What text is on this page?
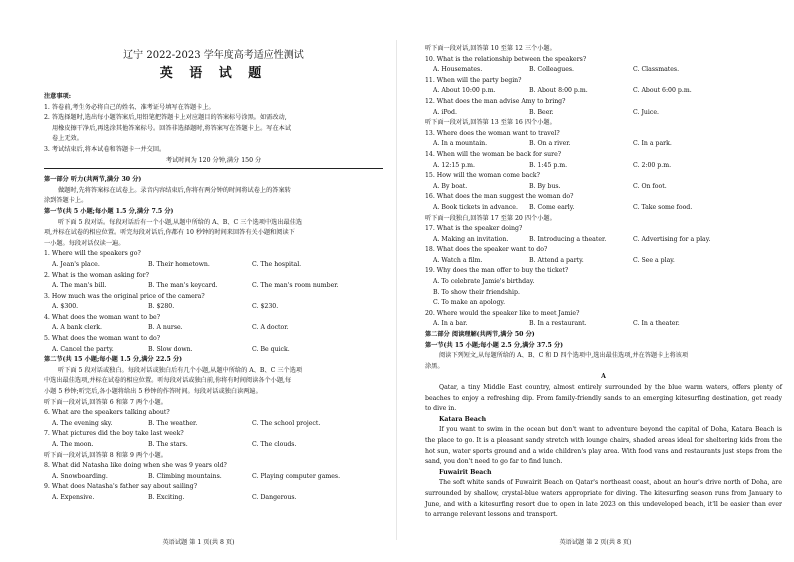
辽宁 2022-2023 学年度高考适应性测试
英 语 试 题
注意事项:
1. 答卷前,考生务必将自己的姓名、准考证号填写在答题卡上。
2. 答选择题时,选出每小题答案后,用铅笔把答题卡上对应题目的答案标号涂黑。如需改动,
用橡皮擦干净后,再选涂其他答案标号。回答非选择题时,将答案写在答题卡上。写在本试
卷上无效。
3. 考试结束后,将本试卷和答题卡一并交回。
考试时间为 120 分钟,满分 150 分
第一部分 听力(共两节,满分 30 分)
做题时,先将答案标在试卷上。录音内容结束后,你将有两分钟的时间将试卷上的答案转
涂到答题卡上。
第一节(共 5 小题;每小题 1.5 分,满分 7.5 分)
听下面 5 段对话。每段对话后有一个小题,从题中所给的 A、B、C 三个选项中选出最佳选
项,并标在试卷的相应位置。听完每段对话后,你都有 10 秒钟的时间来回答有关小题和阅读下
一小题。每段对话仅读一遍。
1. Where will the speakers go?
A. Jean's place.	B. Their hometown.	C. The hospital.
2. What is the woman asking for?
A. The man's bill.	B. The man's keycard.	C. The man's room number.
3. How much was the original price of the camera?
A. $300.	B. $280.	C. $230.
4. What does the woman want to be?
A. A bank clerk.	B. A nurse.	C. A doctor.
5. What does the woman want to do?
A. Cancel the party.	B. Slow down.	C. Be quick.
第二节(共 15 小题;每小题 1.5 分,满分 22.5 分)
听下面 5 段对话或独白。每段对话或独白后有几个小题,从题中所给的 A、B、C 三个选项
中选出最佳选项,并标在试卷的相应位置。听每段对话或独白前,你将有时间阅读各个小题,每
小题 5 秒钟;听完后,各小题将给出 5 秒钟的作答时间。每段对话或独白读两遍。
听下面一段对话,回答第 6 和第 7 两个小题。
6. What are the speakers talking about?
A. The evening sky.	B. The weather.	C. The school project.
7. What pictures did the boy take last week?
A. The moon.	B. The stars.	C. The clouds.
听下面一段对话,回答第 8 和第 9 两个小题。
8. What did Natasha like doing when she was 9 years old?
A. Snowboarding.	B. Climbing mountains.	C. Playing computer games.
9. What does Natasha's father say about sailing?
A. Expensive.	B. Exciting.	C. Dangerous.
英语试题 第 1 页(共 8 页)
听下面一段对话,回答第 10 至第 12 三个小题。
10. What is the relationship between the speakers?
A. Housemates.	B. Colleagues.	C. Classmates.
11. When will the party begin?
A. About 10:00 p.m.	B. About 8:00 p.m.	C. About 6:00 p.m.
12. What does the man advise Amy to bring?
A. iPod.	B. Beer.	C. Juice.
听下面一段对话,回答第 13 至第 16 四个小题。
13. Where does the woman want to travel?
A. In a mountain.	B. On a river.	C. In a park.
14. When will the woman be back for sure?
A. 12:15 p.m.	B. 1:45 p.m.	C. 2:00 p.m.
15. How will the woman come back?
A. By boat.	B. By bus.	C. On foot.
16. What does the man suggest the woman do?
A. Book tickets in advance.	B. Come early.	C. Take some food.
听下面一段独白,回答第 17 至第 20 四个小题。
17. What is the speaker doing?
A. Making an invitation.	B. Introducing a theater.	C. Advertising for a play.
18. What does the speaker want to do?
A. Watch a film.	B. Attend a party.	C. See a play.
19. Why does the man offer to buy the ticket?
A. To celebrate Jamie's birthday.
B. To show their friendship.
C. To make an apology.
20. Where would the speaker like to meet Jamie?
A. In a bar.	B. In a restaurant.	C. In a theater.
第二部分 阅读理解(共两节,满分 50 分)
第一节(共 15 小题;每小题 2.5 分,满分 37.5 分)
阅读下列短文,从每题所给的 A、B、C 和 D 四个选项中,选出最佳选项,并在答题卡上将该项
涂黑。
A
Qatar, a tiny Middle East country, almost entirely surrounded by the blue warm waters, offers plenty of beaches to enjoy a refreshing dip. From family-friendly sands to an emerging kitesurfing destination, get ready to dive in.
Katara Beach
If you want to swim in the ocean but don't want to adventure beyond the capital of Doha, Katara Beach is the place to go. It is a pleasant sandy stretch with lounge chairs, shaded areas ideal for sheltering kids from the hot sun, water sports ground and a wide children's play area. With food vans and restaurants just steps from the sand, you don't need to go far to find lunch.
Fuwairit Beach
The soft white sands of Fuwairit Beach on Qatar's northeast coast, about an hour's drive north of Doha, are surrounded by shallow, crystal-blue waters appropriate for diving. The kitesurfing season runs from January to June, and with a kitesurfing resort due to open in late 2023 on this undeveloped beach, it'll be easier than ever to arrange relevant lessons and transport.
英语试题 第 2 页(共 8 页)
